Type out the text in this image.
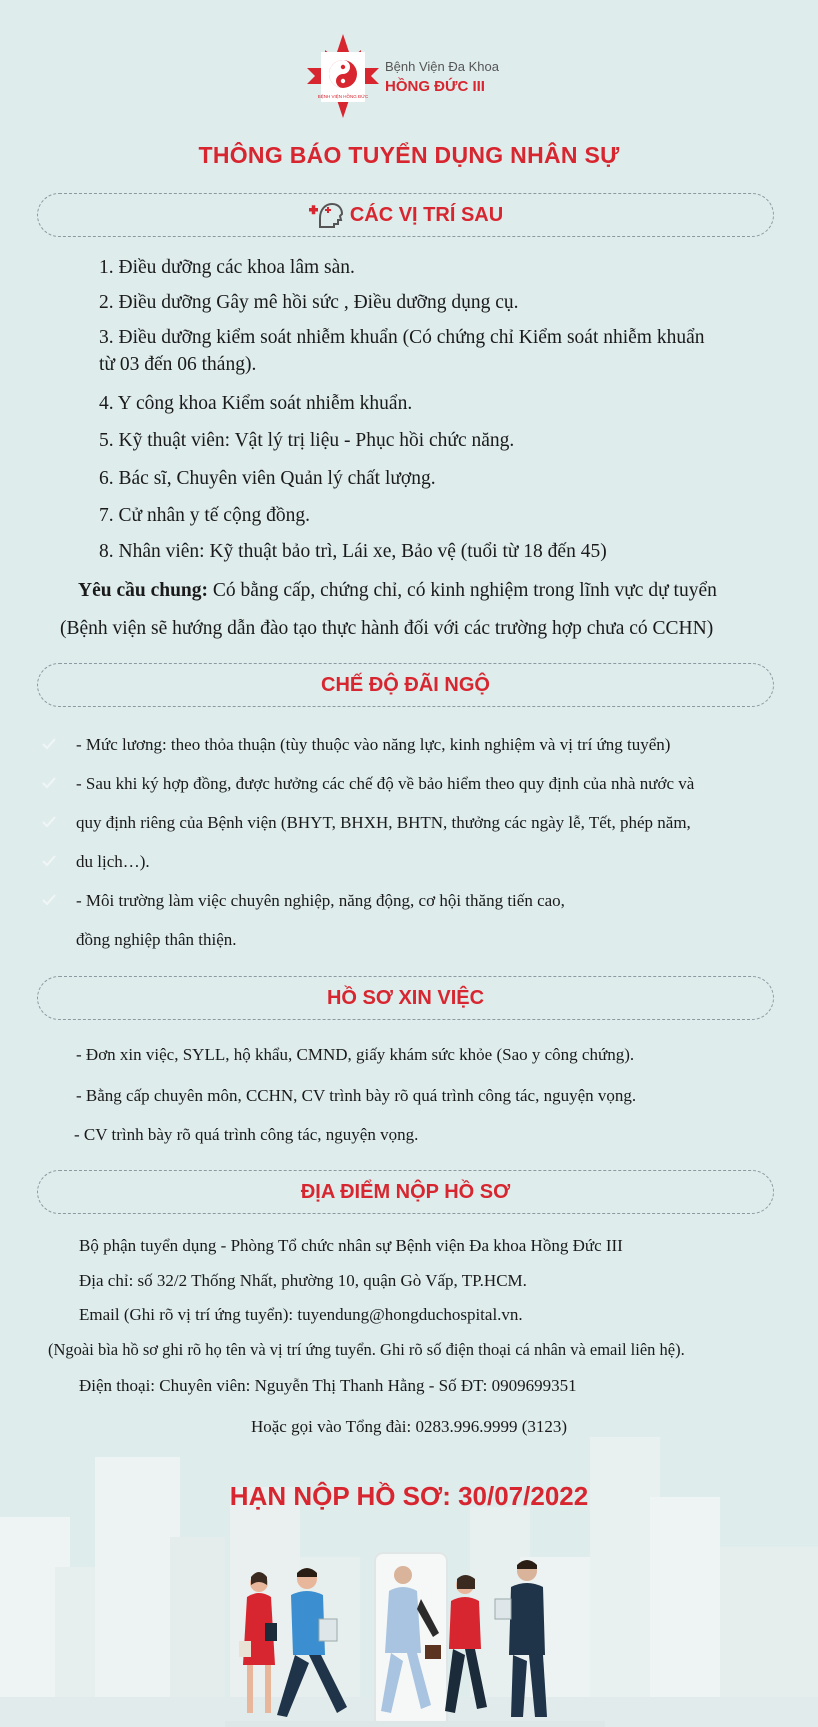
BỆNH VIỆN HỒNG ĐỨC
Bệnh Viện Đa Khoa
HỒNG ĐỨC III
THÔNG BÁO TUYỂN DỤNG NHÂN SỰ
CÁC VỊ TRÍ SAU
1. Điều dưỡng các khoa lâm sàn.
2. Điều dưỡng Gây mê hồi sức , Điều dưỡng dụng cụ.
3. Điều dưỡng kiểm soát nhiễm khuẩn (Có chứng chỉ Kiểm soát nhiễm khuẩn
từ 03 đến 06 tháng).
4. Y công khoa Kiểm soát nhiễm khuẩn.
5. Kỹ thuật viên: Vật lý trị liệu - Phục hồi chức năng.
6. Bác sĩ, Chuyên viên Quản lý chất lượng.
7. Cử nhân y tế cộng đồng.
8. Nhân viên: Kỹ thuật bảo trì, Lái xe, Bảo vệ (tuổi từ 18 đến 45)
Yêu cầu chung: Có bằng cấp, chứng chỉ, có kinh nghiệm trong lĩnh vực dự tuyển
(Bệnh viện sẽ hướng dẫn đào tạo thực hành đối với các trường hợp chưa có CCHN)
CHẾ ĐỘ ĐÃI NGỘ
- Mức lương: theo thỏa thuận (tùy thuộc vào năng lực, kinh nghiệm và vị trí ứng tuyển)
- Sau khi ký hợp đồng, được hưởng các chế độ về bảo hiểm theo quy định của nhà nước và
quy định riêng của Bệnh viện (BHYT, BHXH, BHTN, thưởng các ngày lễ, Tết, phép năm,
du lịch…).
- Môi trường làm việc chuyên nghiệp, năng động, cơ hội thăng tiến cao,
đồng nghiệp thân thiện.
HỒ SƠ XIN VIỆC
- Đơn xin việc, SYLL, hộ khẩu, CMND, giấy khám sức khỏe (Sao y công chứng).
- Bằng cấp chuyên môn, CCHN, CV trình bày rõ quá trình công tác, nguyện vọng.
- CV trình bày rõ quá trình công tác, nguyện vọng.
ĐỊA ĐIỂM NỘP HỒ SƠ
Bộ phận tuyển dụng - Phòng Tổ chức nhân sự Bệnh viện Đa khoa Hồng Đức III
Địa chỉ: số 32/2 Thống Nhất, phường 10, quận Gò Vấp, TP.HCM.
Email (Ghi rõ vị trí ứng tuyển): tuyendung@hongduchospital.vn.
(Ngoài bìa hồ sơ ghi rõ họ tên và vị trí ứng tuyển. Ghi rõ số điện thoại cá nhân và email liên hệ).
Điện thoại: Chuyên viên: Nguyễn Thị Thanh Hằng - Số ĐT: 0909699351
Hoặc gọi vào Tổng đài: 0283.996.9999 (3123)
HẠN NỘP HỒ SƠ: 30/07/2022
